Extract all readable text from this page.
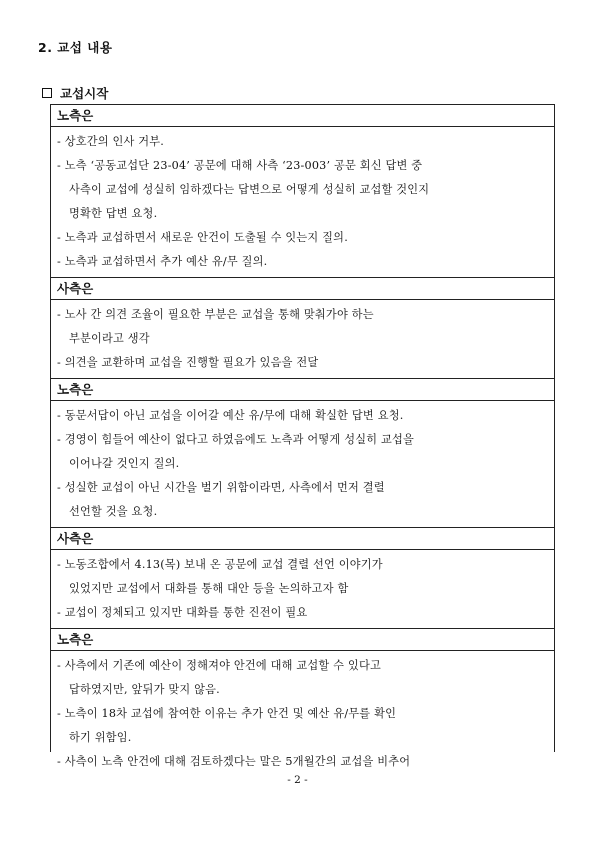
2. 교섭 내용
교섭시작
노측은
- 상호간의 인사 거부.
- 노측 ‘공동교섭단 23-04’ 공문에 대해 사측 ‘23-003’ 공문 회신 답변 중
사측이 교섭에 성실히 임하겠다는 답변으로 어떻게 성실히 교섭할 것인지
명확한 답변 요청.
- 노측과 교섭하면서 새로운 안건이 도출될 수 잇는지 질의.
- 노측과 교섭하면서 추가 예산 유/무 질의.
사측은
- 노사 간 의견 조율이 필요한 부분은 교섭을 통해 맞춰가야 하는
부분이라고 생각
- 의견을 교환하며 교섭을 진행할 필요가 있음을 전달
노측은
- 동문서답이 아닌 교섭을 이어갈 예산 유/무에 대해 확실한 답변 요청.
- 경영이 힘들어 예산이 없다고 하였음에도 노측과 어떻게 성실히 교섭을
이어나갈 것인지 질의.
- 성실한 교섭이 아닌 시간을 벌기 위함이라면, 사측에서 먼저 결렬
선언할 것을 요청.
사측은
- 노동조합에서 4.13(목) 보내 온 공문에 교섭 결렬 선언 이야기가
있었지만 교섭에서 대화를 통해 대안 등을 논의하고자 함
- 교섭이 정체되고 있지만 대화를 통한 진전이 필요
노측은
- 사측에서 기존에 예산이 정해져야 안건에 대해 교섭할 수 있다고
답하였지만, 앞뒤가 맞지 않음.
- 노측이 18차 교섭에 참여한 이유는 추가 안건 및 예산 유/무를 확인
하기 위함임.
- 사측이 노측 안건에 대해 검토하겠다는 말은 5개월간의 교섭을 비추어
- 2 -
